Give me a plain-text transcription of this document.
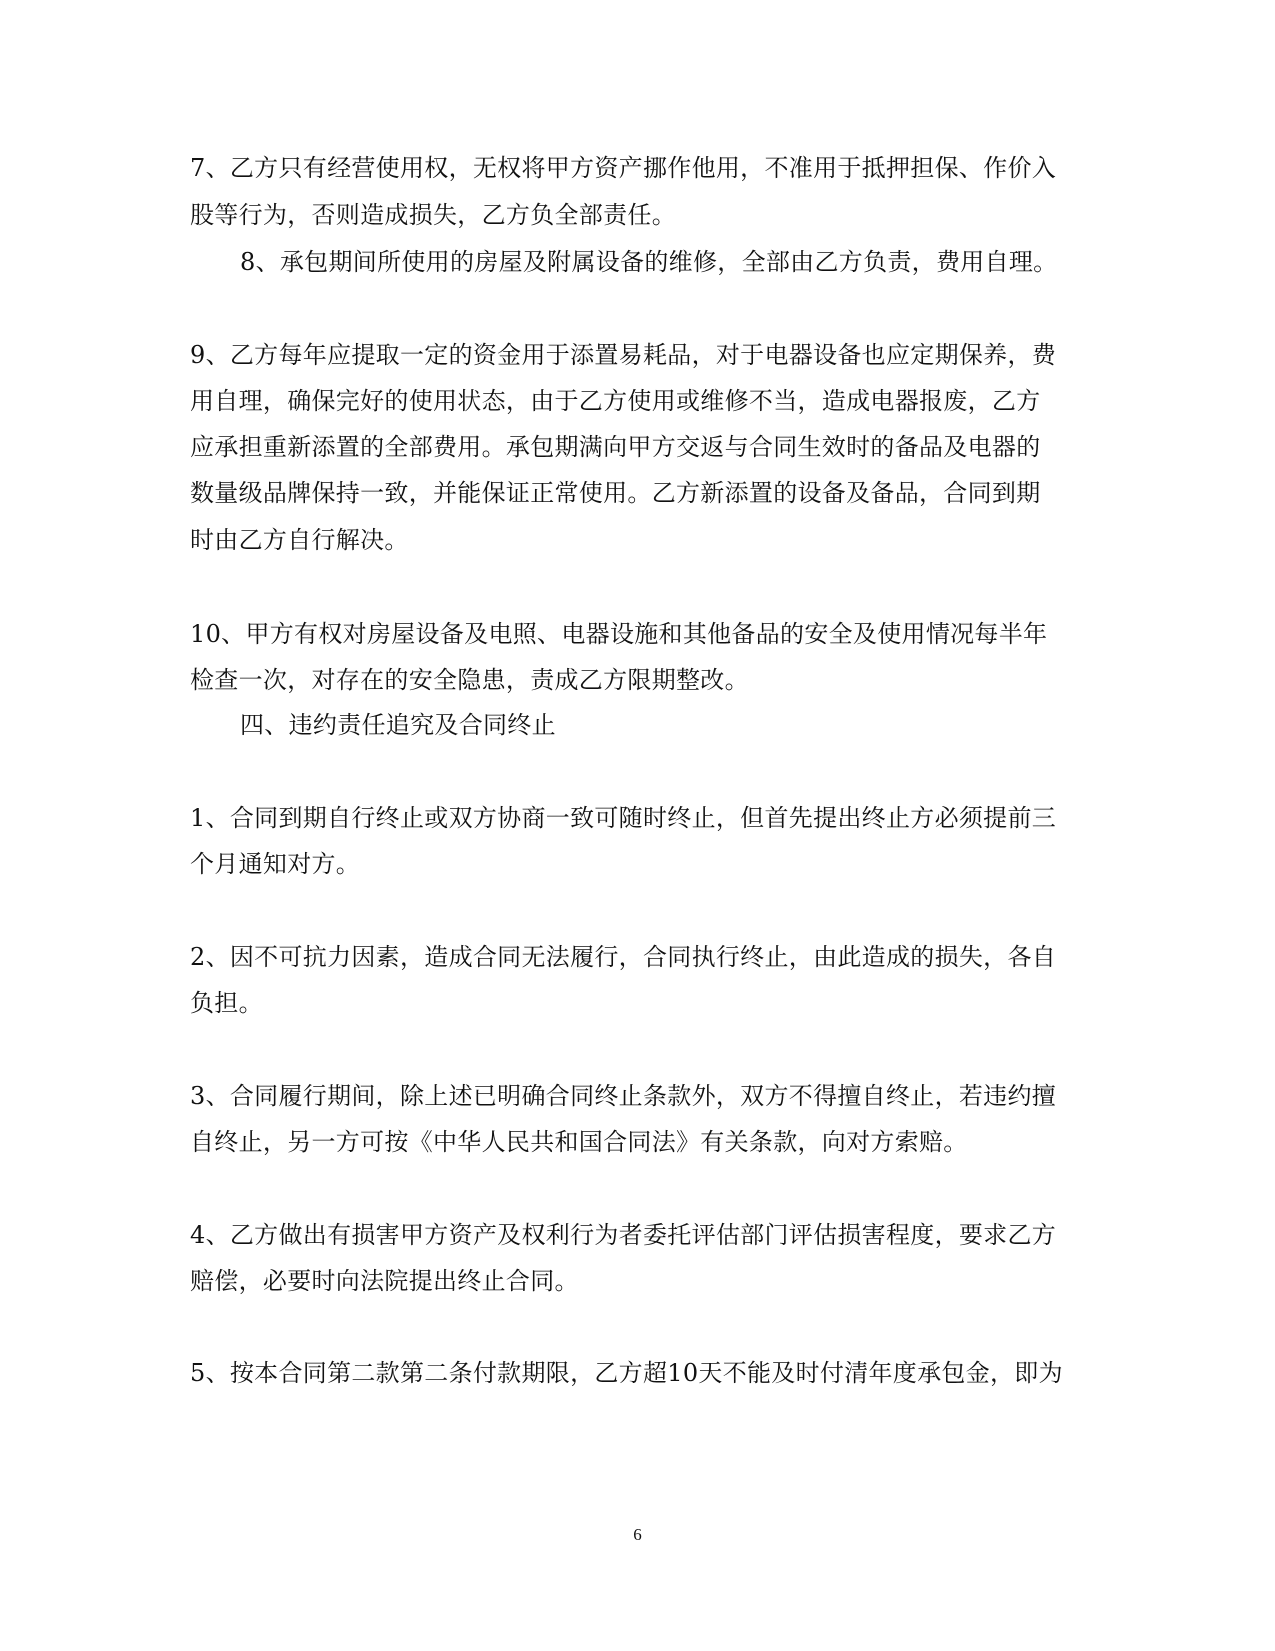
7、乙方只有经营使用权，无权将甲方资产挪作他用，不准用于抵押担保、作价入
股等行为，否则造成损失，乙方负全部责任。
8、承包期间所使用的房屋及附属设备的维修，全部由乙方负责，费用自理。
9、乙方每年应提取一定的资金用于添置易耗品，对于电器设备也应定期保养，费
用自理，确保完好的使用状态，由于乙方使用或维修不当，造成电器报废，乙方
应承担重新添置的全部费用。承包期满向甲方交返与合同生效时的备品及电器的
数量级品牌保持一致，并能保证正常使用。乙方新添置的设备及备品，合同到期
时由乙方自行解决。
10、甲方有权对房屋设备及电照、电器设施和其他备品的安全及使用情况每半年
检查一次，对存在的安全隐患，责成乙方限期整改。
四、违约责任追究及合同终止
1、合同到期自行终止或双方协商一致可随时终止，但首先提出终止方必须提前三
个月通知对方。
2、因不可抗力因素，造成合同无法履行，合同执行终止，由此造成的损失，各自
负担。
3、合同履行期间，除上述已明确合同终止条款外，双方不得擅自终止，若违约擅
自终止，另一方可按《中华人民共和国合同法》有关条款，向对方索赔。
4、乙方做出有损害甲方资产及权利行为者委托评估部门评估损害程度，要求乙方
赔偿，必要时向法院提出终止合同。
5、按本合同第二款第二条付款期限，乙方超10天不能及时付清年度承包金，即为
6
